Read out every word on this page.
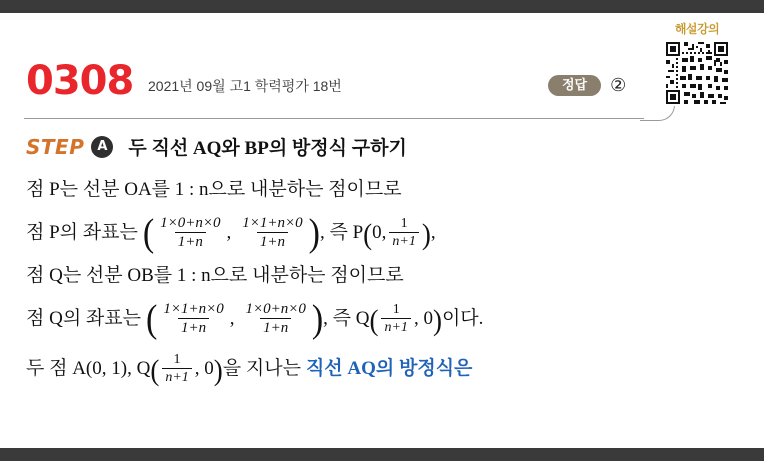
0308 2021년 09월 고1 학력평가 18번	정답	②
해설강의
STEP A	두 직선 AQ와 BP의 방정식 구하기
점 P는 선분 OA를 1 : n으로 내분하는 점이므로
점 P의 좌표는 ( $\frac{1\times 0+n\times 0}{1+n}$ , $\frac{1\times 1+n\times 0}{1+n}$ ) , 즉 P ( 0, $\frac{1}{n+1}$ ) ,
점 Q는 선분 OB를 1 : n으로 내분하는 점이므로
점 Q의 좌표는 ( $\frac{1\times 1+n\times 0}{1+n}$ , $\frac{1\times 0+n\times 0}{1+n}$ ) , 즉 Q ( $\frac{1}{n+1}$ , 0 ) 이다.
두 점 A(0, 1), Q ( $\frac{1}{n+1}$ , 0 ) 을 지나는 직선 AQ의 방정식은
